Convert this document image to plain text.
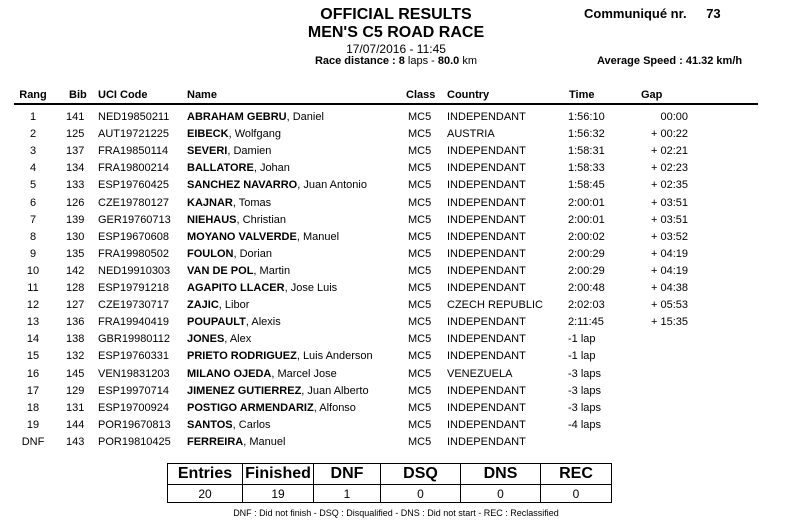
OFFICIAL RESULTS
MEN'S C5 ROAD RACE
17/07/2016 - 11:45
Race distance : 8 laps - 80.0 km
Communiqué nr. 73
Average Speed : 41.32 km/h
Rang	Bib UCI Code	Name	Class Country	Time	Gap
1	141 NED19850211 ABRAHAM GEBRU, Daniel	MC5 INDEPENDANT	1:56:10	00:00
2	125 AUT19721225 EIBECK, Wolfgang	MC5 AUSTRIA	1:56:32	+ 00:22
3	137 FRA19850114 SEVERI, Damien	MC5 INDEPENDANT	1:58:31	+ 02:21
4	134 FRA19800214 BALLATORE, Johan	MC5 INDEPENDANT	1:58:33	+ 02:23
5	133 ESP19760425 SANCHEZ NAVARRO, Juan Antonio	MC5 INDEPENDANT	1:58:45	+ 02:35
6	126 CZE19780127 KAJNAR, Tomas	MC5 INDEPENDANT	2:00:01	+ 03:51
7	139 GER19760713 NIEHAUS, Christian	MC5 INDEPENDANT	2:00:01	+ 03:51
8	130 ESP19670608 MOYANO VALVERDE, Manuel	MC5 INDEPENDANT	2:00:02	+ 03:52
9	135 FRA19980502 FOULON, Dorian	MC5 INDEPENDANT	2:00:29	+ 04:19
10	142 NED19910303 VAN DE POL, Martin	MC5 INDEPENDANT	2:00:29	+ 04:19
11	128 ESP19791218 AGAPITO LLACER, Jose Luis	MC5 INDEPENDANT	2:00:48	+ 04:38
12	127 CZE19730717 ZAJIC, Libor	MC5 CZECH REPUBLIC 2:02:03	+ 05:53
13	136 FRA19940419 POUPAULT, Alexis	MC5 INDEPENDANT	2:11:45	+ 15:35
14	138 GBR19980112 JONES, Alex	MC5 INDEPENDANT	-1 lap
15	132 ESP19760331 PRIETO RODRIGUEZ, Luis Anderson	MC5 INDEPENDANT	-1 lap
16	145 VEN19831203 MILANO OJEDA, Marcel Jose	MC5 VENEZUELA	-3 laps
17	129 ESP19970714 JIMENEZ GUTIERREZ, Juan Alberto	MC5 INDEPENDANT	-3 laps
18	131 ESP19700924 POSTIGO ARMENDARIZ, Alfonso	MC5 INDEPENDANT	-3 laps
19	144 POR19670813 SANTOS, Carlos	MC5 INDEPENDANT	-4 laps
DNF	143 POR19810425 FERREIRA, Manuel	MC5 INDEPENDANT
Entries	Finished	DNF	DSQ	DNS	REC
20	19	1	0	0	0
DNF : Did not finish - DSQ : Disqualified - DNS : Did not start - REC : Reclassified
